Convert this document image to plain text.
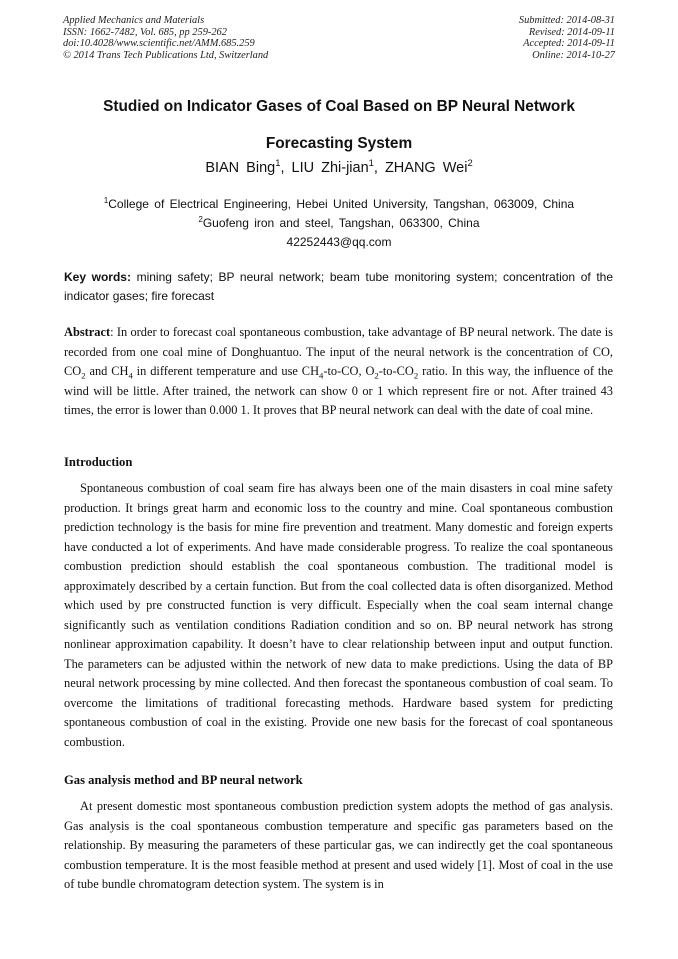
Applied Mechanics and Materials
ISSN: 1662-7482, Vol. 685, pp 259-262
doi:10.4028/www.scientific.net/AMM.685.259
© 2014 Trans Tech Publications Ltd, Switzerland
Submitted: 2014-08-31
Revised: 2014-09-11
Accepted: 2014-09-11
Online: 2014-10-27
Studied on Indicator Gases of Coal Based on BP Neural Network
Forecasting System
BIAN Bing$^1$, LIU Zhi-jian$^1$, ZHANG Wei$^2$
$^1$College of Electrical Engineering, Hebei United University, Tangshan, 063009, China
$^2$Guofeng iron and steel, Tangshan, 063300, China
42252443@qq.com
Key words: mining safety; BP neural network; beam tube monitoring system; concentration of the indicator gases; fire forecast
Abstract: In order to forecast coal spontaneous combustion, take advantage of BP neural network. The date is recorded from one coal mine of Donghuantuo. The input of the neural network is the concentration of CO, $CO_2$ and $CH_4$ in different temperature and use $CH_4-to-CO$, $O_2-to-CO_2$ ratio. In this way, the influence of the wind will be little. After trained, the network can show 0 or 1 which represent fire or not. After trained 43 times, the error is lower than 0.000 1. It proves that BP neural network can deal with the date of coal mine.
Introduction
Spontaneous combustion of coal seam fire has always been one of the main disasters in coal mine safety production. It brings great harm and economic loss to the country and mine. Coal spontaneous combustion prediction technology is the basis for mine fire prevention and treatment. Many domestic and foreign experts have conducted a lot of experiments. And have made considerable progress. To realize the coal spontaneous combustion prediction should establish the coal spontaneous combustion. The traditional model is approximately described by a certain function. But from the coal collected data is often disorganized. Method which used by pre constructed function is very difficult. Especially when the coal seam internal change significantly such as ventilation conditions Radiation condition and so on. BP neural network has strong nonlinear approximation capability. It doesn’t have to clear relationship between input and output function. The parameters can be adjusted within the network of new data to make predictions. Using the data of BP neural network processing by mine collected. And then forecast the spontaneous combustion of coal seam. To overcome the limitations of traditional forecasting methods. Hardware based system for predicting spontaneous combustion of coal in the existing. Provide one new basis for the forecast of coal spontaneous combustion.
Gas analysis method and BP neural network
At present domestic most spontaneous combustion prediction system adopts the method of gas analysis. Gas analysis is the coal spontaneous combustion temperature and specific gas parameters based on the relationship. By measuring the parameters of these particular gas, we can indirectly get the coal spontaneous combustion temperature. It is the most feasible method at present and used widely [1]. Most of coal in the use of tube bundle chromatogram detection system. The system is in
